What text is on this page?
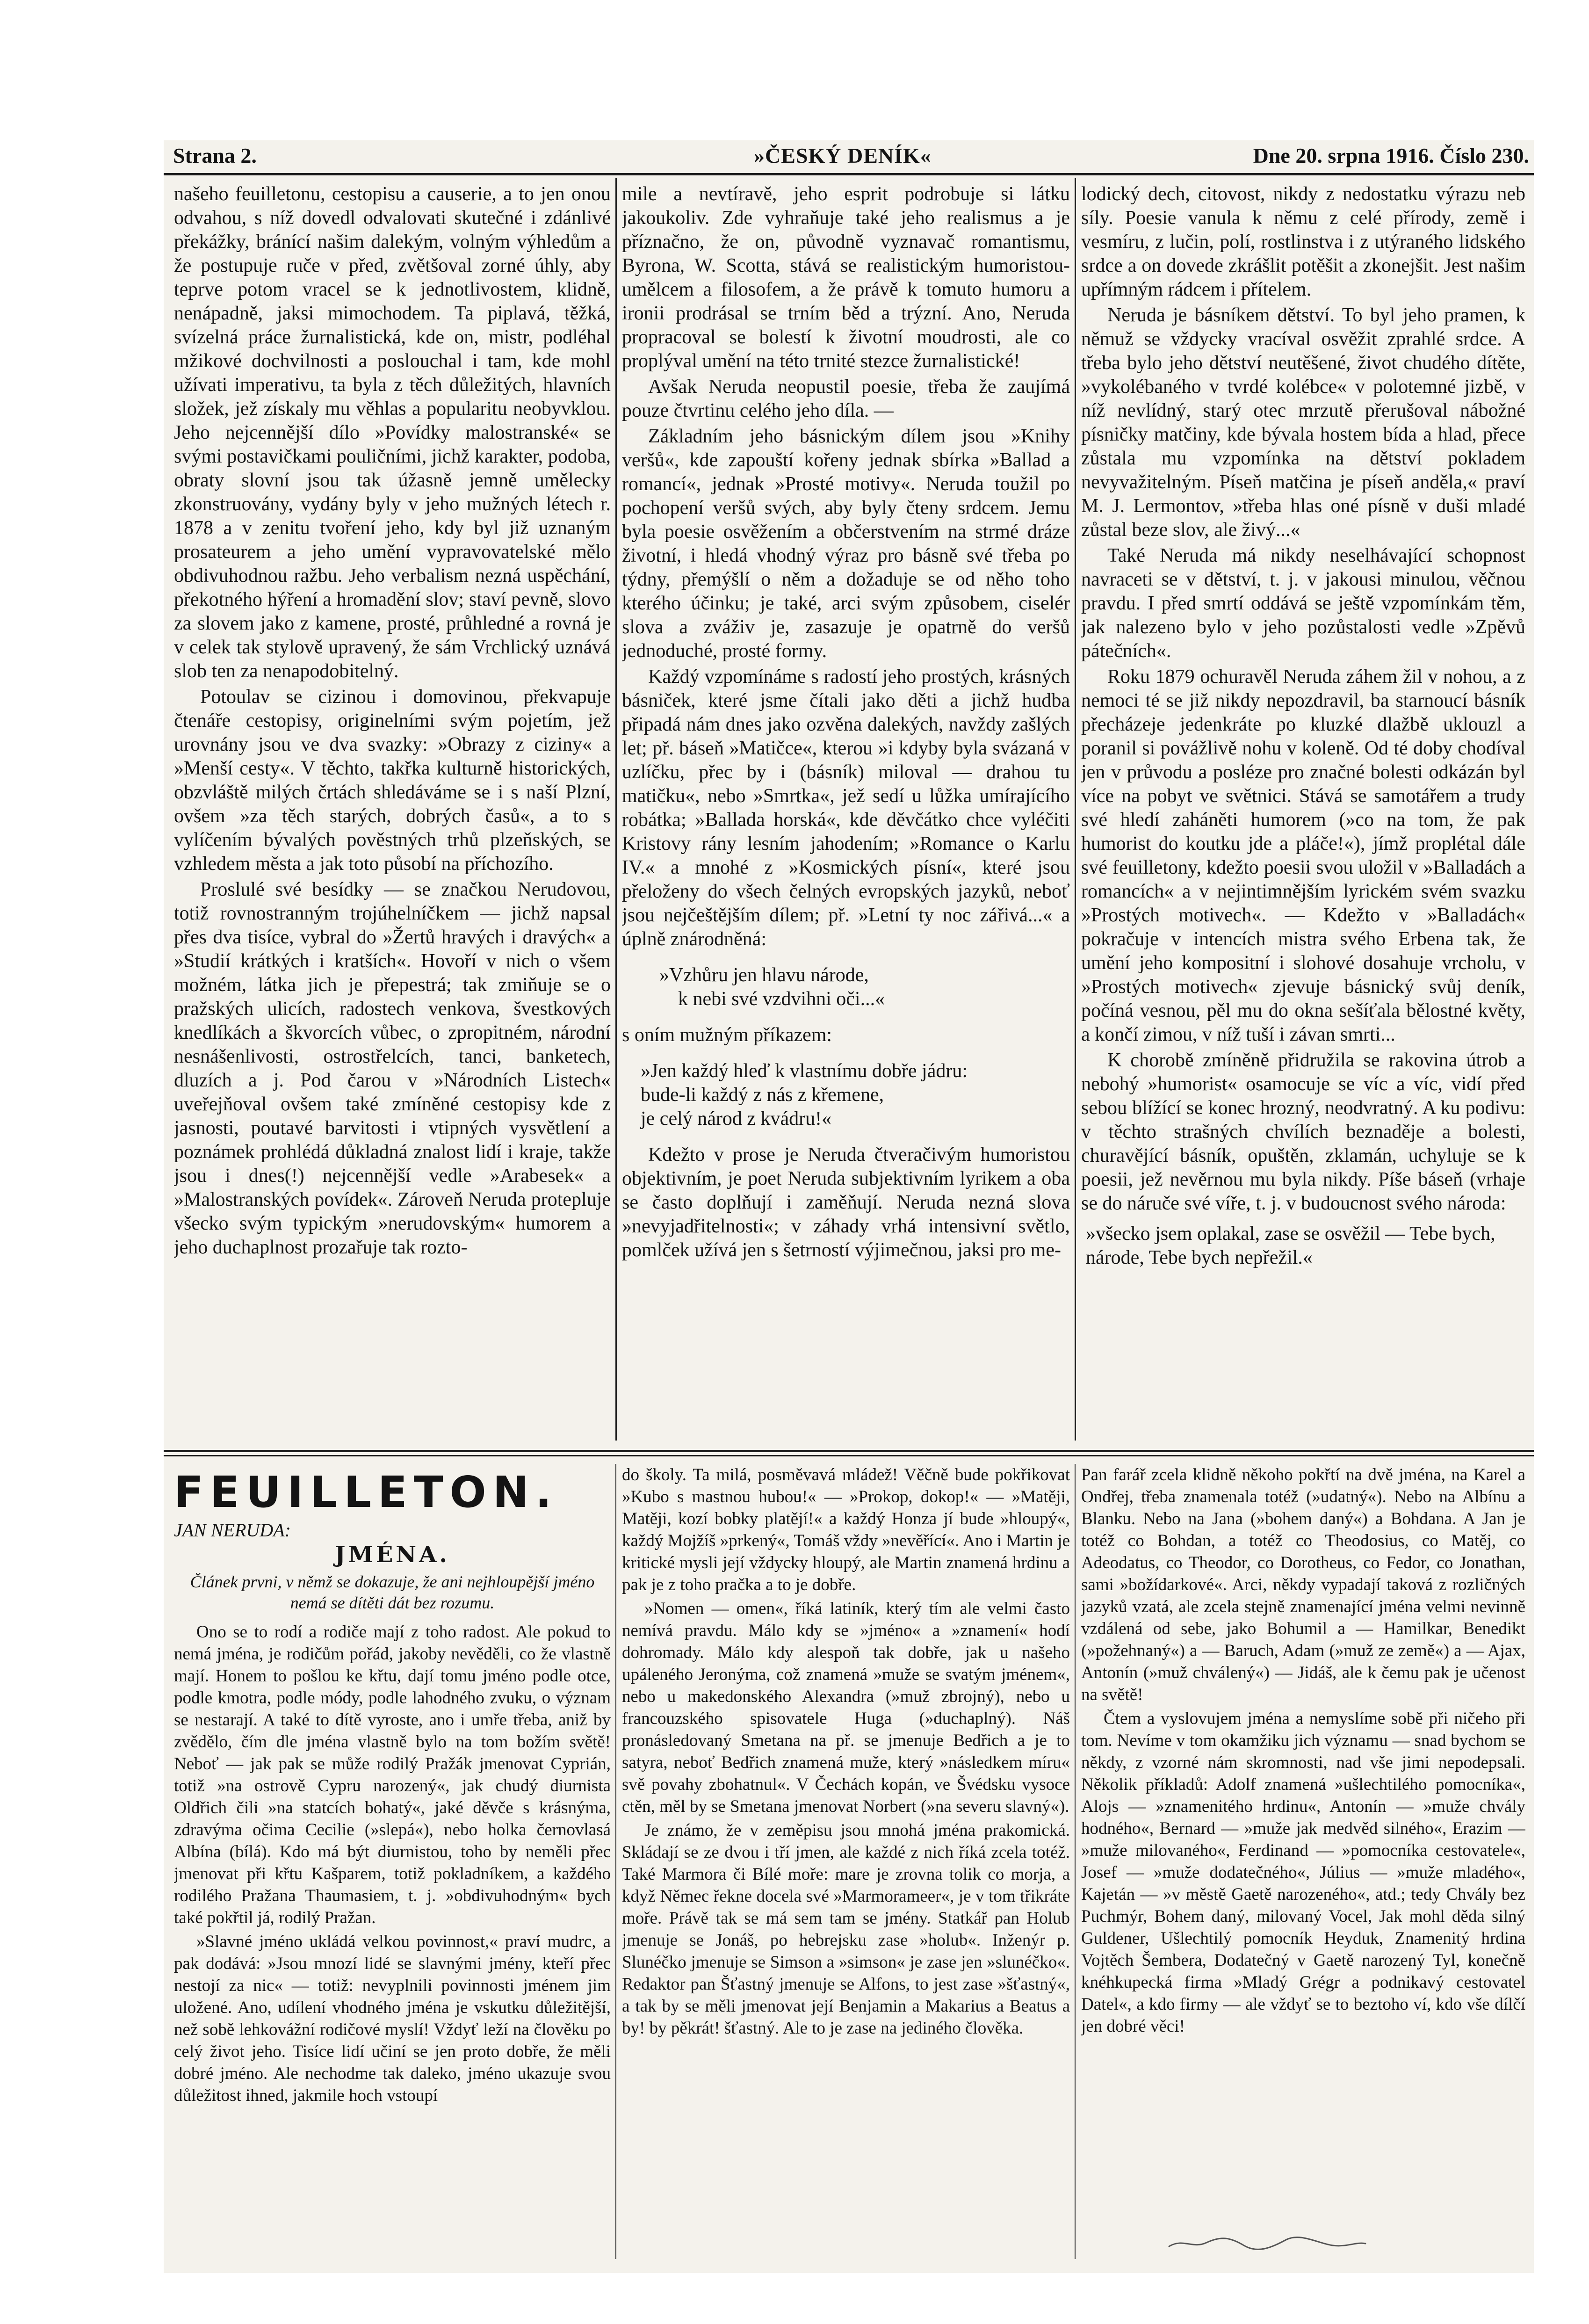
Strana 2.	»ČESKÝ DENÍK«	Dne 20. srpna 1916. Číslo 230.

našeho feuilletonu, cestopisu a causerie, a to jen onou odvahou, s níž dovedl odvalovati skutečné i zdánlivé překážky, bránící našim dalekým, volným výhledům a že postupuje ruče v před, zvětšoval zorné úhly, aby teprve potom vracel se k jednotlivostem, klidně, nenápadně, jaksi mimochodem. Ta piplavá, těžká, svízelná práce žurnalistická, kde on, mistr, podléhal mžikové dochvilnosti a poslouchal i tam, kde mohl užívati imperativu, ta byla z těch důležitých, hlavních složek, jež získaly mu věhlas a popularitu neobyvklou. Jeho nejcennější dílo »Povídky malostranské« se svými postavičkami pouličními, jichž karakter, podoba, obraty slovní jsou tak úžasně jemně umělecky zkonstruovány, vydány byly v jeho mužných létech r. 1878 a v zenitu tvoření jeho, kdy byl již uznaným prosateurem a jeho umění vypravovatelské mělo obdivuhodnou ražbu. Jeho verbalism nezná uspěchání, překotného hýření a hromadění slov; staví pevně, slovo za slovem jako z kamene, prosté, průhledné a rovná je v celek tak stylově upravený, že sám Vrchlický uznává slob ten za nenapodobitelný.

Potoulav se cizinou i domovinou, překvapuje čtenáře cestopisy, originelními svým pojetím, jež urovnány jsou ve dva svazky: »Obrazy z ciziny« a »Menší cesty«. V těchto, takřka kulturně historických, obzvláště milých črtách shledáváme se i s naší Plzní, ovšem »za těch starých, dobrých časů«, a to s vylíčením bývalých pověstných trhů plzeňských, se vzhledem města a jak toto působí na příchozího.

Proslulé své besídky — se značkou Nerudovou, totiž rovnostranným trojúhelníčkem — jichž napsal přes dva tisíce, vybral do »Žertů hravých i dravých« a »Studií krátkých i kratších«. Hovoří v nich o všem možném, látka jich je přepestrá; tak zmiňuje se o pražských ulicích, radostech venkova, švestkových knedlíkách a škvorcích vůbec, o zpropitném, národní nesnášenlivosti, ostrostřelcích, tanci, banketech, dluzích a j. Pod čarou v »Národních Listech« uveřejňoval ovšem také zmíněné cestopisy kde z jasnosti, poutavé barvitosti i vtipných vysvětlení a poznámek prohlédá důkladná znalost lidí i kraje, takže jsou i dnes(!) nejcennější vedle »Arabesek« a »Malostranských povídek«. Zároveň Neruda protepluje všecko svým typickým »nerudovským« humorem a jeho duchaplnost prozařuje tak rozto-

mile a nevtíravě, jeho esprit podrobuje si látku jakoukoliv. Zde vyhraňuje také jeho realismus a je příznačno, že on, původně vyznavač romantismu, Byrona, W. Scotta, stává se realistickým humoristou-umělcem a filosofem, a že právě k tomuto humoru a ironii prodrásal se trním běd a trýzní. Ano, Neruda propracoval se bolestí k životní moudrosti, ale co proplýval umění na této trnité stezce žurnalistické!

Avšak Neruda neopustil poesie, třeba že zaujímá pouze čtvrtinu celého jeho díla. —

Základním jeho básnickým dílem jsou »Knihy veršů«, kde zapouští kořeny jednak sbírka »Ballad a romancí«, jednak »Prosté motivy«. Neruda toužil po pochopení veršů svých, aby byly čteny srdcem. Jemu byla poesie osvěžením a občerstvením na strmé dráze životní, i hledá vhodný výraz pro básně své třeba po týdny, přemýšlí o něm a dožaduje se od něho toho kterého účinku; je také, arci svým způsobem, ciselér slova a zváživ je, zasazuje je opatrně do veršů jednoduché, prosté formy.

Každý vzpomínáme s radostí jeho prostých, krásných básniček, které jsme čítali jako děti a jichž hudba připadá nám dnes jako ozvěna dalekých, navždy zašlých let; př. báseň »Matičce«, kterou »i kdyby byla svázaná v uzlíčku, přec by i (básník) miloval — drahou tu matičku«, nebo »Smrtka«, jež sedí u lůžka umírajícího robátka; »Ballada horská«, kde děvčátko chce vyléčiti Kristovy rány lesním jahodením; »Romance o Karlu IV.« a mnohé z »Kosmických písní«, které jsou přeloženy do všech čelných evropských jazyků, neboť jsou nejčeštějším dílem; př. »Letní ty noc zářivá...« a úplně znárodněná:

»Vzhůru jen hlavu národe,
k nebi své vzdvihni oči...«

s oním mužným příkazem:

»Jen každý hleď k vlastnímu dobře jádru:
bude-li každý z nás z křemene,
je celý národ z kvádru!«

Kdežto v prose je Neruda čtveračivým humoristou objektivním, je poet Neruda subjektivním lyrikem a oba se často doplňují i zaměňují. Neruda nezná slova »nevyjadřitelnosti«; v záhady vrhá intensivní světlo, pomlček užívá jen s šetrností výjimečnou, jaksi pro me-

lodický dech, citovost, nikdy z nedostatku výrazu neb síly. Poesie vanula k němu z celé přírody, země i vesmíru, z lučin, polí, rostlinstva i z utýraného lidského srdce a on dovede zkrášlit potěšit a zkonejšit. Jest našim upřímným rádcem i přítelem.

Neruda je básníkem dětství. To byl jeho pramen, k němuž se vždycky vracíval osvěžit zprahlé srdce. A třeba bylo jeho dětství neutěšené, život chudého dítěte, »vykolébaného v tvrdé kolébce« v polotemné jizbě, v níž nevlídný, starý otec mrzutě přerušoval nábožné písničky matčiny, kde bývala hostem bída a hlad, přece zůstala mu vzpomínka na dětství pokladem nevyvažitelným. Píseň matčina je píseň anděla,« praví M. J. Lermontov, »třeba hlas oné písně v duši mladé zůstal beze slov, ale živý...«

Také Neruda má nikdy neselhávající schopnost navraceti se v dětství, t. j. v jakousi minulou, věčnou pravdu. I před smrtí oddává se ještě vzpomínkám těm, jak nalezeno bylo v jeho pozůstalosti vedle »Zpěvů pátečních«.

Roku 1879 ochuravěl Neruda záhem žil v nohou, a z nemoci té se již nikdy nepozdravil, ba starnoucí básník přecházeje jedenkráte po kluzké dlažbě uklouzl a poranil si povážlivě nohu v koleně. Od té doby chodíval jen v průvodu a posléze pro značné bolesti odkázán byl více na pobyt ve světnici. Stává se samotářem a trudy své hledí zaháněti humorem (»co na tom, že pak humorist do koutku jde a pláče!«), jímž proplétal dále své feuilletony, kdežto poesii svou uložil v »Balladách a romancích« a v nejintimnějším lyrickém svém svazku »Prostých motivech«. — Kdežto v »Balladách« pokračuje v intencích mistra svého Erbena tak, že umění jeho kompositní i slohové dosahuje vrcholu, v »Prostých motivech« zjevuje básnický svůj deník, počíná vesnou, pěl mu do okna sešíťala bělostné květy, a končí zimou, v níž tuší i závan smrti...

K chorobě zmíněně přidružila se rakovina útrob a nebohý »humorist« osamocuje se víc a víc, vidí před sebou blížící se konec hrozný, neodvratný. A ku podivu: v těchto strašných chvílích beznaděje a bolesti, churavějící básník, opuštěn, zklamán, uchyluje se k poesii, jež nevěrnou mu byla nikdy. Píše báseň (vrhaje se do náruče své víře, t. j. v budoucnost svého národa:

»všecko jsem oplakal, zase se osvěžil — Tebe bych, národe, Tebe bych nepřežil.«

FEUILLETON.
JAN NERUDA:
JMÉNA.
Článek prvni, v němž se dokazuje, že ani nejhloupější jméno nemá se dítěti dát bez rozumu.

Ono se to rodí a rodiče mají z toho radost. Ale pokud to nemá jména, je rodičům pořád, jakoby nevěděli, co že vlastně mají. Honem to pošlou ke křtu, dají tomu jméno podle otce, podle kmotra, podle módy, podle lahodného zvuku, o význam se nestarají. A také to dítě vyroste, ano i umře třeba, aniž by zvědělo, čím dle jména vlastně bylo na tom božím světě! Neboť — jak pak se může rodilý Pražák jmenovat Cyprián, totiž »na ostrově Cypru narozený«, jak chudý diurnista Oldřich čili »na statcích bohatý«, jaké děvče s krásnýma, zdravýma očima Cecilie (»slepá«), nebo holka černovlasá Albína (bílá). Kdo má být diurnistou, toho by neměli přec jmenovat při křtu Kašparem, totiž pokladníkem, a každého rodilého Pražana Thaumasiem, t. j. »obdivuhodným« bych také pokřtil já, rodilý Pražan.

»Slavné jméno ukládá velkou povinnost,« praví mudrc, a pak dodává: »Jsou mnozí lidé se slavnými jmény, kteří přec nestojí za nic« — totiž: nevyplnili povinnosti jménem jim uložené. Ano, udílení vhodného jména je vskutku důležitější, než sobě lehkovážní rodičové myslí! Vždyť leží na člověku po celý život jeho. Tisíce lidí učiní se jen proto dobře, že měli dobré jméno. Ale nechodme tak daleko, jméno ukazuje svou důležitost ihned, jakmile hoch vstoupí

do školy. Ta milá, posměvavá mládež! Věčně bude pokřikovat »Kubo s mastnou hubou!« — »Prokop, dokop!« — »Matěji, Matěji, kozí bobky platějí!« a každý Honza jí bude »hloupý«, každý Mojžíš »prkený«, Tomáš vždy »nevěřící«. Ano i Martin je kritické mysli její vždycky hloupý, ale Martin znamená hrdinu a pak je z toho pračka a to je dobře.

»Nomen — omen«, říká latiník, který tím ale velmi často nemívá pravdu. Málo kdy se »jméno« a »znamení« hodí dohromady. Málo kdy alespoň tak dobře, jak u našeho upáleného Jeronýma, což znamená »muže se svatým jménem«, nebo u makedonského Alexandra (»muž zbrojný), nebo u francouzského spisovatele Huga (»duchaplný). Náš pronásledovaný Smetana na př. se jmenuje Bedřich a je to satyra, neboť Bedřich znamená muže, který »následkem míru« svě povahy zbohatnul«. V Čechách kopán, ve Švédsku vysoce ctěn, měl by se Smetana jmenovat Norbert (»na severu slavný«).

Je známo, že v zeměpisu jsou mnohá jména prakomická. Skládají se ze dvou i tří jmen, ale každé z nich říká zcela totéž. Také Marmora či Bílé moře: mare je zrovna tolik co morja, a když Němec řekne docela své »Marmorameer«, je v tom třikráte moře. Právě tak se má sem tam se jmény. Statkář pan Holub jmenuje se Jonáš, po hebrejsku zase »holub«. Inženýr p. Slunéčko jmenuje se Simson a »simson« je zase jen »slunéčko«. Redaktor pan Šťastný jmenuje se Alfons, to jest zase »šťastný«, a tak by se měli jmenovat její Benjamin a Makarius a Beatus a by! by pěkrát! šťastný. Ale to je zase na jediného člověka.

Pan farář zcela klidně někoho pokřtí na dvě jména, na Karel a Ondřej, třeba znamenala totéž (»udatný«). Nebo na Albínu a Blanku. Nebo na Jana (»bohem daný«) a Bohdana. A Jan je totéž co Bohdan, a totéž co Theodosius, co Matěj, co Adeodatus, co Theodor, co Dorotheus, co Fedor, co Jonathan, sami »božídarkové«. Arci, někdy vypadají taková z rozličných jazyků vzatá, ale zcela stejně znamenající jména velmi nevinně vzdálená od sebe, jako Bohumil a — Hamilkar, Benedikt (»požehnaný«) a — Baruch, Adam (»muž ze země«) a — Ajax, Antonín (»muž chválený«) — Jidáš, ale k čemu pak je učenost na světě!

Čtem a vyslovujem jména a nemyslíme sobě při ničeho při tom. Nevíme v tom okamžiku jich významu — snad bychom se někdy, z vzorné nám skromnosti, nad vše jimi nepodepsali. Několik příkladů: Adolf znamená »ušlechtilého pomocníka«, Alojs — »znamenitého hrdinu«, Antonín — »muže chvály hodného«, Bernard — »muže jak medvěd silného«, Erazim — »muže milovaného«, Ferdinand — »pomocníka cestovatele«, Josef — »muže dodatečného«, Július — »muže mladého«, Kajetán — »v městě Gaetě narozeného«, atd.; tedy Chvály bez Puchmýr, Bohem daný, milovaný Vocel, Jak mohl děda silný Guldener, Ušlechtilý pomocník Heyduk, Znamenitý hrdina Vojtěch Šembera, Dodatečný v Gaetě narozený Tyl, konečně knéhkupecká firma »Mladý Grégr a podnikavý cestovatel Datel«, a kdo firmy — ale vždyť se to beztoho ví, kdo vše dílčí jen dobré věci!
